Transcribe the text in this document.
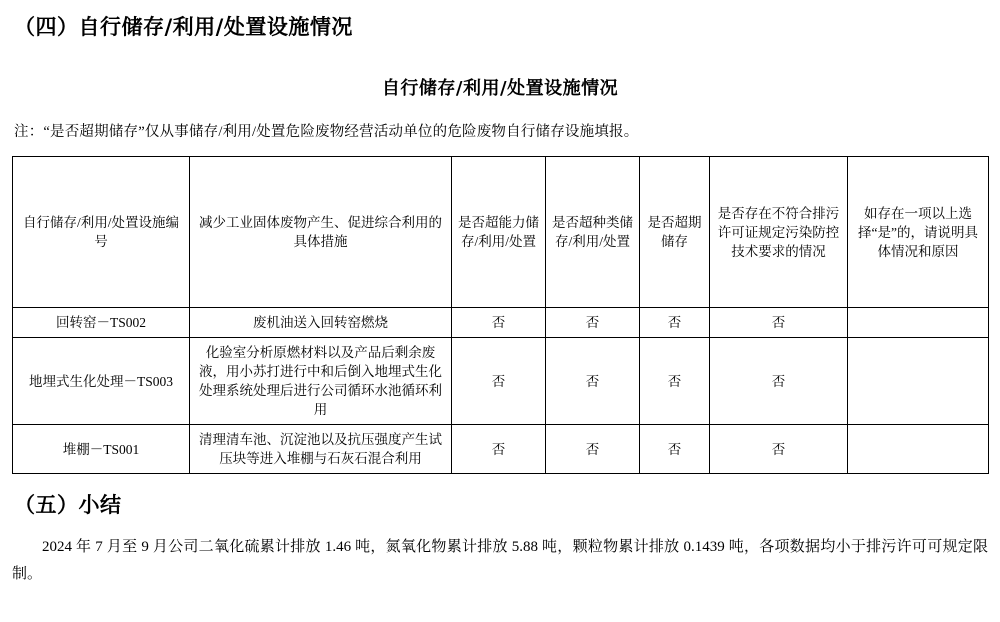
（四）自行储存/利用/处置设施情况
自行储存/利用/处置设施情况
注：“是否超期储存”仅从事储存/利用/处置危险废物经营活动单位的危险废物自行储存设施填报。
自行储存/利用/处置设施编号	减少工业固体废物产生、促进综合利用的具体措施	是否超能力储存/利用/处置	是否超种类储存/利用/处置	是否超期储存	是否存在不符合排污许可证规定污染防控技术要求的情况	如存在一项以上选择“是”的，请说明具体情况和原因
回转窑－TS002	废机油送入回转窑燃烧	否	否	否	否	
地埋式生化处理－TS003	化验室分析原燃材料以及产品后剩余废液，用小苏打进行中和后倒入地埋式生化处理系统处理后进行公司循环水池循环利用	否	否	否	否	
堆棚－TS001	清理清车池、沉淀池以及抗压强度产生试压块等进入堆棚与石灰石混合利用	否	否	否	否	
（五）小结
2024 年 7 月至 9 月公司二氧化硫累计排放 1.46 吨，氮氧化物累计排放 5.88 吨，颗粒物累计排放 0.1439 吨，各项数据均小于排污许可可规定限制。
